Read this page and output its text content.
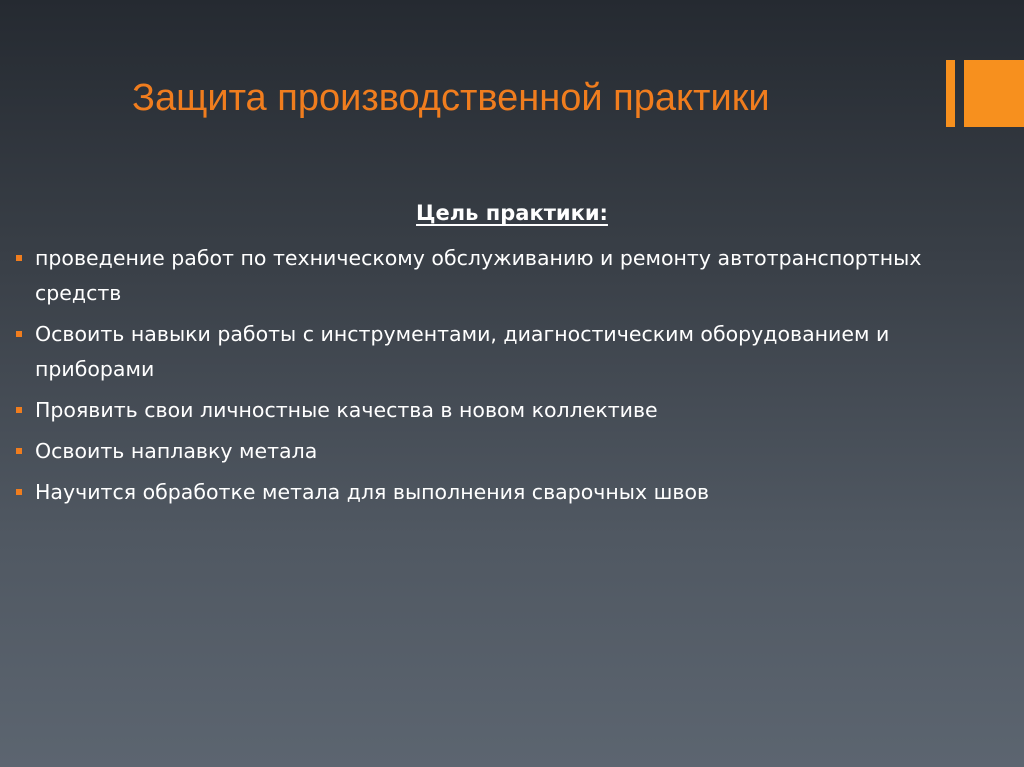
Защита производственной практики
Цель практики:
проведение работ по техническому обслуживанию и ремонту автотранспортных средств
Освоить навыки работы с инструментами, диагностическим оборудованием и приборами
Проявить свои личностные качества в новом коллективе
Освоить наплавку метала
Научится обработке метала для выполнения сварочных швов
